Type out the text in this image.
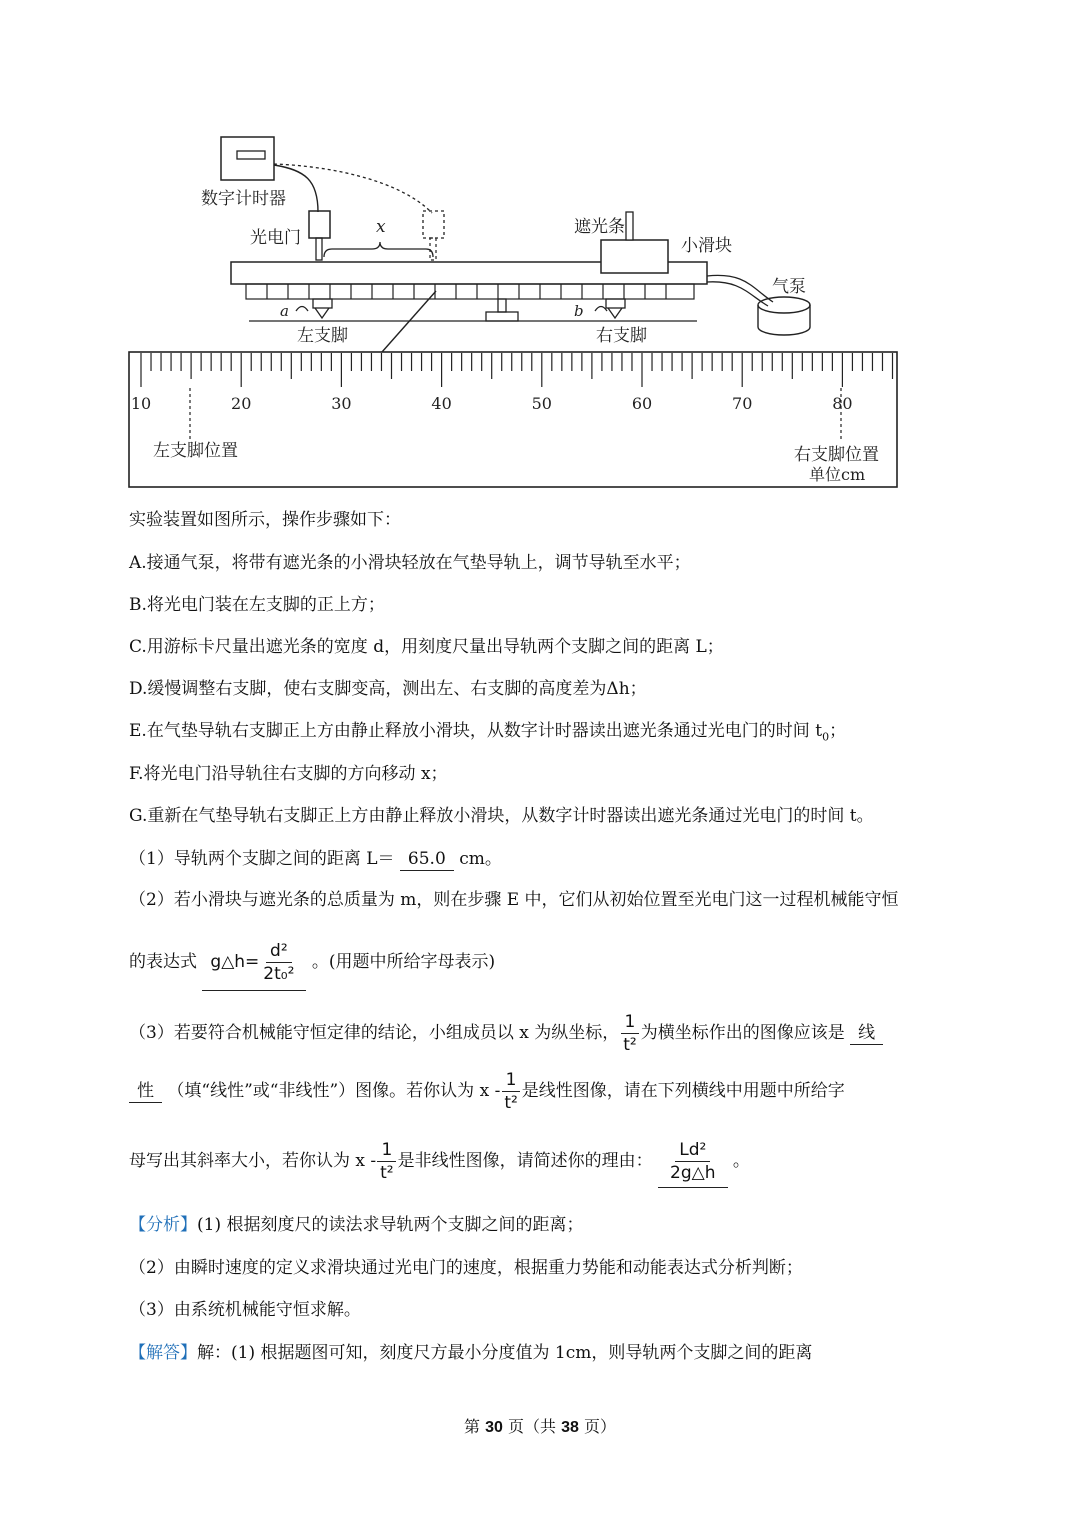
数字计时器
光电门
x	遮光条
小滑块
气泵
a	b
左支脚	右支脚
10	20	30	40	50	60	70	80
左支脚位置	右支脚位置
单位cm
实验装置如图所示，操作步骤如下：
A.接通气泵，将带有遮光条的小滑块轻放在气垫导轨上，调节导轨至水平；
B.将光电门装在左支脚的正上方；
C.用游标卡尺量出遮光条的宽度 d，用刻度尺量出导轨两个支脚之间的距离 L；
D.缓慢调整右支脚，使右支脚变高，测出左、右支脚的高度差为Δh；
E.在气垫导轨右支脚正上方由静止释放小滑块，从数字计时器读出遮光条通过光电门的时间 $t_0$；
F.将光电门沿导轨往右支脚的方向移动 x；
G.重新在气垫导轨右支脚正上方由静止释放小滑块，从数字计时器读出遮光条通过光电门的时间 t。
（1）导轨两个支脚之间的距离 L＝ 65.0 cm。
（2）若小滑块与遮光条的总质量为 m，则在步骤 E 中，它们从初始位置至光电门这一过程机械能守恒
的表达式 g△h= $\frac{\text{d²}}{\text{2t₀²}}$ 。(用题中所给字母表示)
（3）若要符合机械能守恒定律的结论，小组成员以 x 为纵坐标， $\frac{1}{\text{t²}}$ 为横坐标作出的图像应该是 线
性 （填“线性”或“非线性”）图像。若你认为 x - $\frac{1}{\text{t²}}$ 是线性图像，请在下列横线中用题中所给字
母写出其斜率大小，若你认为 x - $\frac{1}{\text{t²}}$ 是非线性图像，请简述你的理由： $\frac{\text{Ld²}}{2g\triangle h}$ 。
【分析】(1) 根据刻度尺的读法求导轨两个支脚之间的距离；
（2）由瞬时速度的定义求滑块通过光电门的速度，根据重力势能和动能表达式分析判断；
（3）由系统机械能守恒求解。
【解答】解：(1) 根据题图可知，刻度尺方最小分度值为 1cm，则导轨两个支脚之间的距离
第 30 页（共 38 页）
